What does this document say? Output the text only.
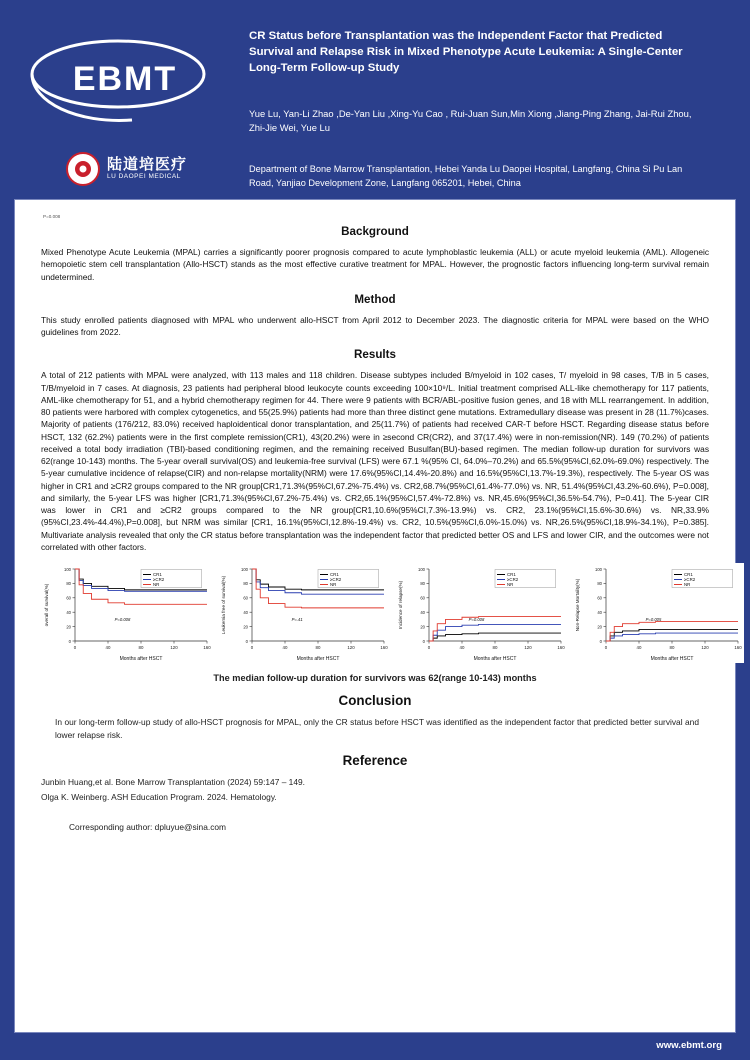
EBMT
陆道培医疗
LU DAOPEI MEDICAL
CR Status before Transplantation was the Independent Factor that Predicted Survival and Relapse Risk in Mixed Phenotype Acute Leukemia: A Single-Center Long-Term Follow-up Study
Yue Lu, Yan-Li Zhao ,De-Yan Liu ,Xing-Yu Cao , Rui-Juan Sun,Min Xiong ,Jiang-Ping Zhang, Jai-Rui Zhou, Zhi-Jie Wei, Yue Lu
Department of Bone Marrow Transplantation, Hebei Yanda Lu Daopei Hospital, Langfang, China Si Pu Lan Road, Yanjiao Development Zone, Langfang 065201, Hebei, China
P=0.008
Background

Mixed Phenotype Acute Leukemia (MPAL) carries a significantly poorer prognosis compared to acute lymphoblastic leukemia (ALL) or acute myeloid leukemia (AML). Allogeneic hemopoietic stem cell transplantation (Allo-HSCT) stands as the most effective curative treatment for MPAL. However, the prognostic factors influencing long-term survival remain undetermined.

Method

This study enrolled patients diagnosed with MPAL who underwent allo-HSCT from April 2012 to December 2023. The diagnostic criteria for MPAL were based on the WHO guidelines from 2022.

Results

A total of 212 patients with MPAL were analyzed, with 113 males and 118 children. Disease subtypes included B/myeloid in 102 cases, T/ myeloid in 98 cases, T/B in 5 cases, T/B/myeloid in 7 cases. At diagnosis, 23 patients had peripheral blood leukocyte counts exceeding 100×10⁹/L. Initial treatment comprised ALL-like chemotherapy for 117 patients, AML-like chemotherapy for 51, and a hybrid chemotherapy regimen for 44. There were 9 patients with BCR/ABL-positive fusion genes, and 18 with MLL rearrangement. In addition, 80 patients were harbored with complex cytogenetics, and 55(25.9%) patients had more than three distinct gene mutations. Extramedullary disease was present in 28 (11.7%)cases. Majority of patients (176/212, 83.0%) received haploidentical donor transplantation, and 25(11.7%) of patients had received CAR-T before HSCT. Regarding disease status before HSCT, 132 (62.2%) patients were in the first complete remission(CR1), 43(20.2%) were in ≥second CR(CR2), and 37(17.4%) were in non-remission(NR). 149 (70.2%) of patients received a total body irradiation (TBI)-based conditioning regimen, and the remaining received Busulfan(BU)-based regimen. The median follow-up duration for survivors was 62(range 10-143) months. The 5-year overall survival(OS) and leukemia-free survival (LFS) were 67.1 %(95% CI, 64.0%–70.2%) and 65.5%(95%CI,62.0%-69.0%) respectively. The 5-year cumulative incidence of relapse(CIR) and non-relapse mortality(NRM) were 17.6%(95%CI,14.4%-20.8%) and 16.5%(95%CI,13.7%-19.3%), respectively. The 5-year OS was higher in CR1 and ≥CR2 groups compared to the NR group[CR1,71.3%(95%CI,67.2%-75.4%) vs. CR2,68.7%(95%CI,61.4%-77.0%) vs. NR, 51.4%(95%CI,43.2%-60.6%), P=0.008], and similarly, the 5-year LFS was higher [CR1,71.3%(95%CI,67.2%-75.4%) vs. CR2,65.1%(95%CI,57.4%-72.8%) vs. NR,45.6%(95%CI,36.5%-54.7%), P=0.41]. The 5-year CIR was lower in CR1 and ≥CR2 groups compared to the NR group[CR1,10.6%(95%CI,7.3%-13.9%) vs. CR2, 23.1%(95%CI,15.6%-30.6%) vs. NR,33.9%(95%CI,23.4%-44.4%),P=0.008], but NRM was similar [CR1, 16.1%(95%CI,12.8%-19.4%) vs. CR2, 10.5%(95%CI,6.0%-15.0%) vs. NR,26.5%(95%CI,18.9%-34.1%), P=0.385]. Multivariate analysis revealed that only the CR status before transplantation was the independent factor that predicted better OS and LFS and lower CIR, and the outcomes were not correlated with other factors.

0
20
40
60
80
100
0	40	80	120	160
Months after HSCT
overall of survival(%)	P=0.008
CR1
≥CR2
NR
0
20
40
60
80
100
0	40	80	120	160
Months after HSCT
Leukemia free of survival(%)	P=.41
CR1
≥CR2
NR
0
20
40
60
80
100
0	40	80	120	160
Months after HSCT
Incidence of relapse(%)	P=0.008
CR1
≥CR2
NR
0
20
40
60
80
100
0	40	80	120	160
Months after HSCT
Non-Relapse Mortality(%)	P=0.005
CR1
≥CR2
NR
The median follow-up duration for survivors was 62(range 10-143) months
Conclusion

In our long-term follow-up study of allo-HSCT prognosis for MPAL, only the CR status before HSCT was identified as the independent factor that predicted better survival and lower relapse risk.

Reference

Junbin Huang,et al. Bone Marrow Transplantation (2024) 59:147 – 149.

Olga K. Weinberg. ASH Education Program. 2024. Hematology.

Corresponding author: dpluyue@sina.com

www.ebmt.org
